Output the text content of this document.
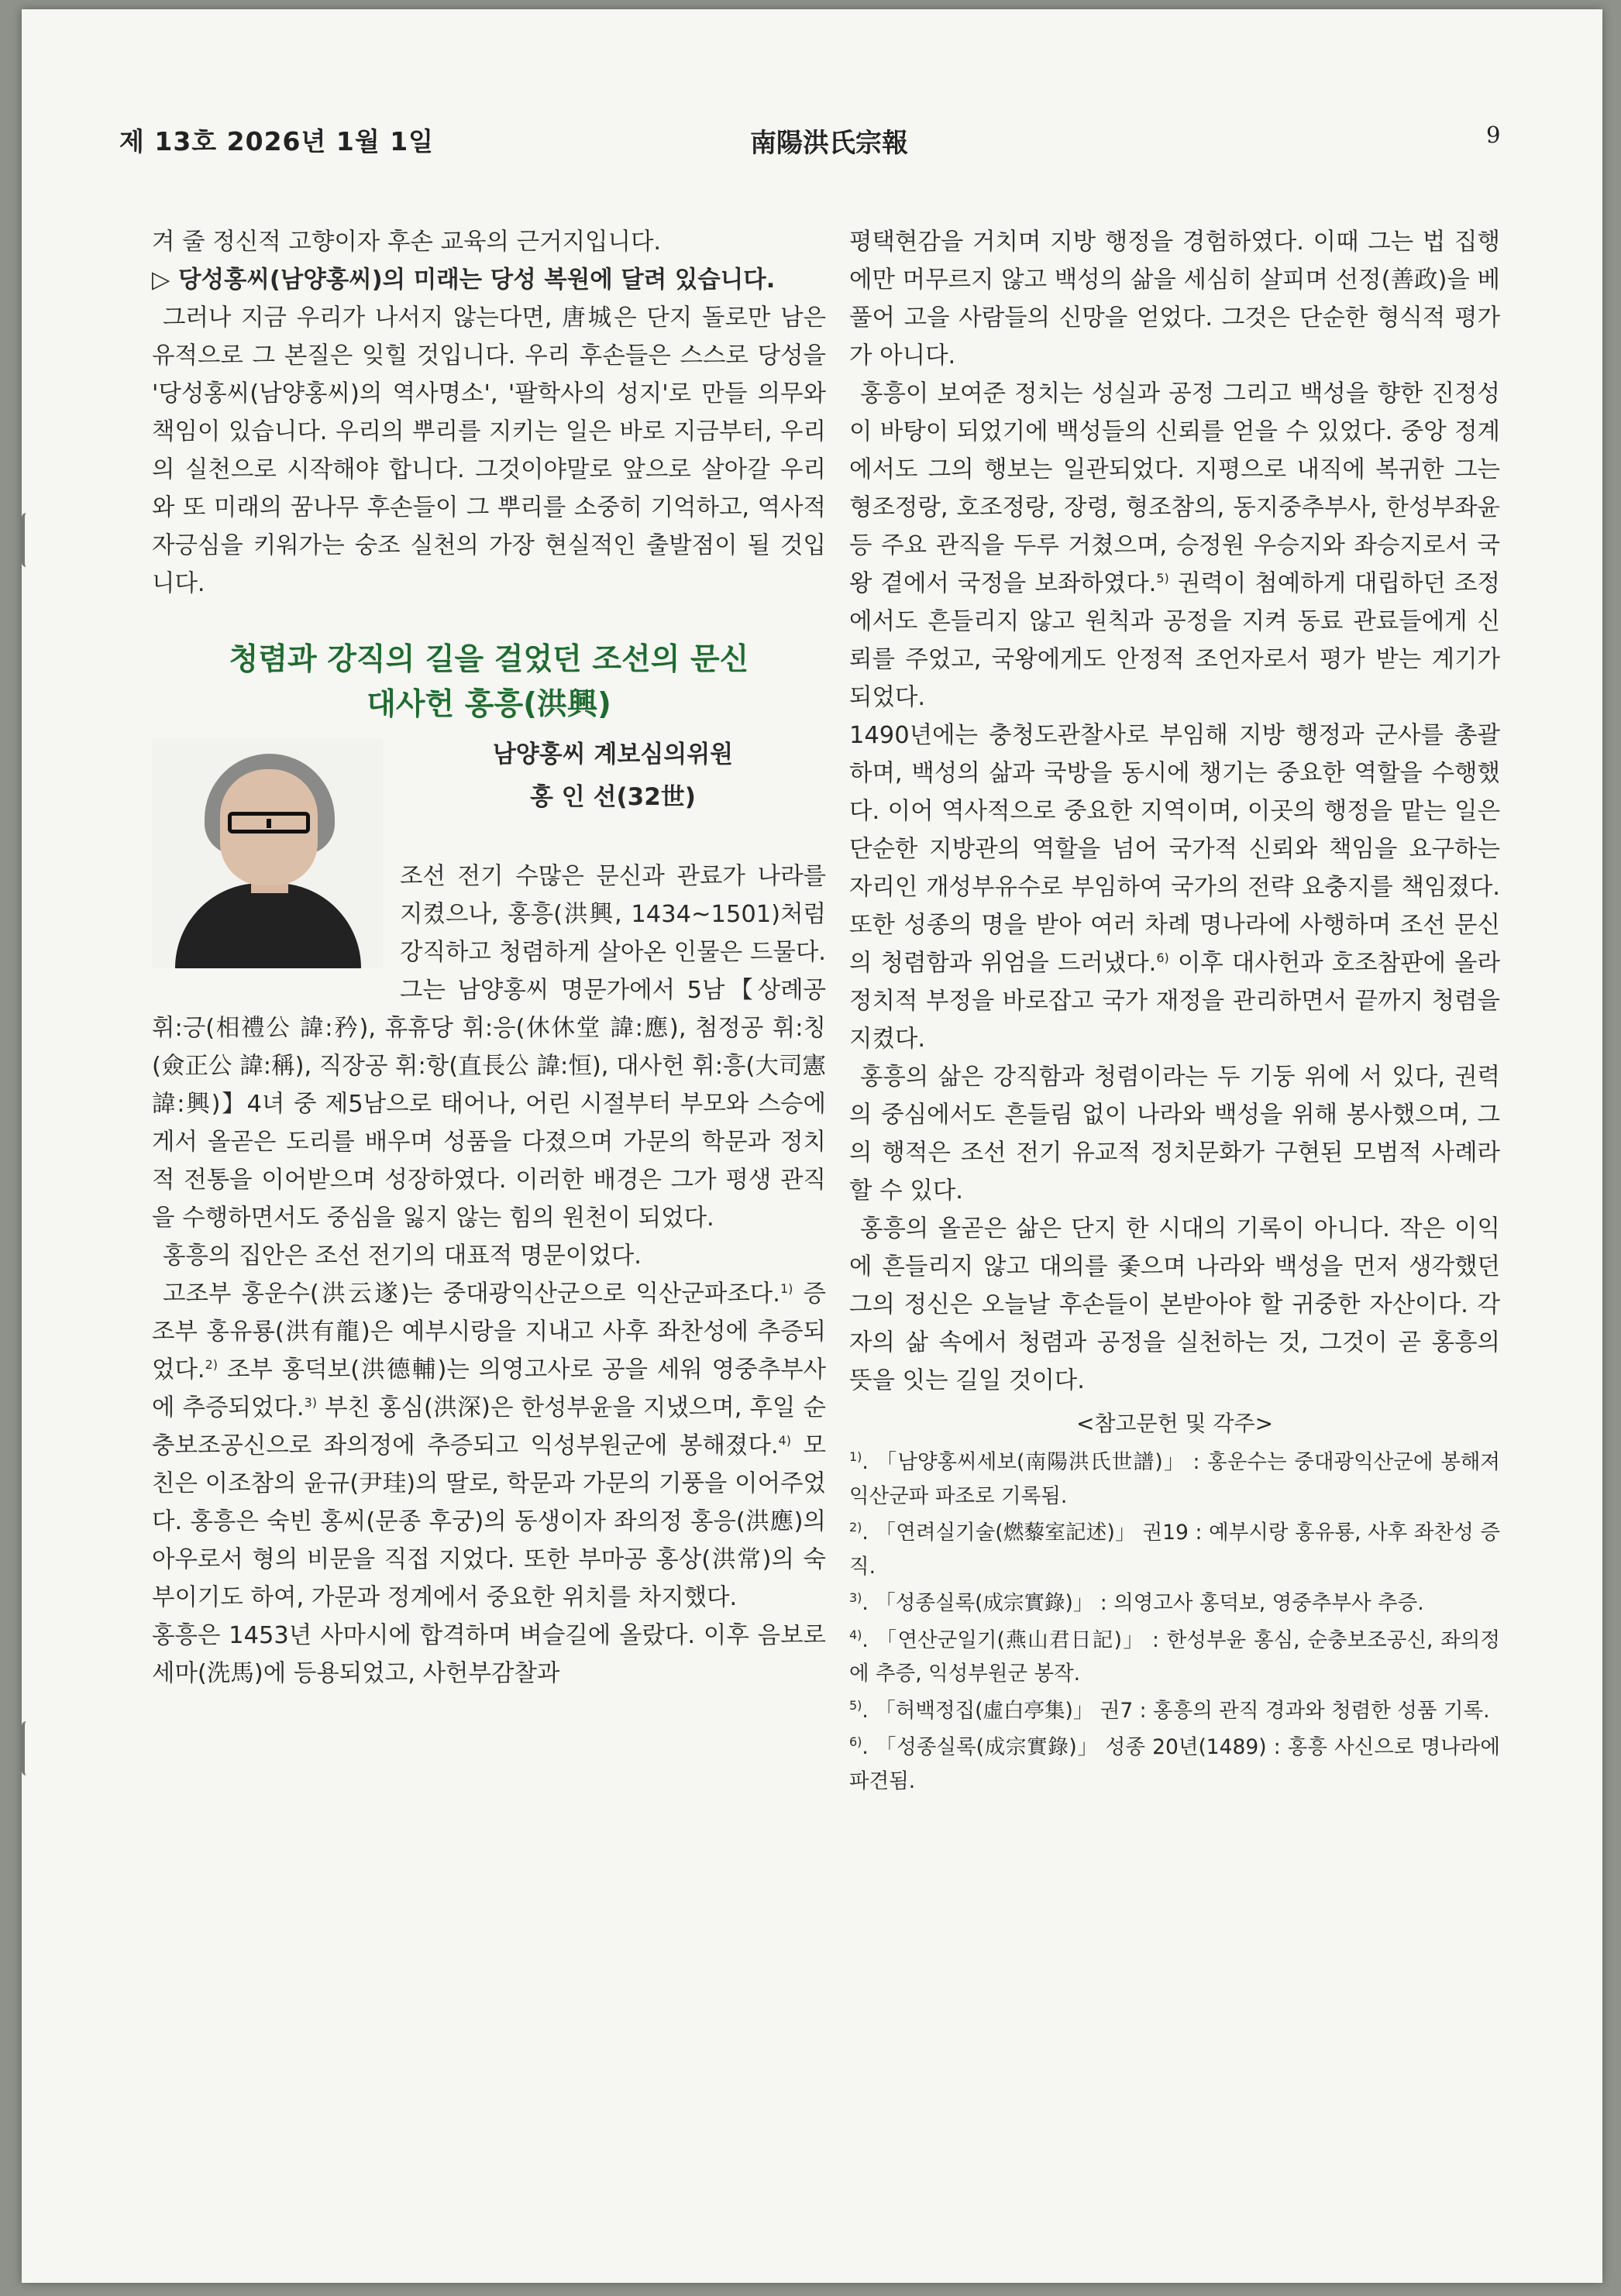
제 13호 2026년 1월 1일	南陽洪氏宗報	9

겨 줄 정신적 고향이자 후손 교육의 근거지입니다.

▷ 당성홍씨(남양홍씨)의 미래는 당성 복원에 달려 있습니다.

그러나 지금 우리가 나서지 않는다면, 唐城은 단지 돌로만 남은 유적으로 그 본질은 잊힐 것입니다. 우리 후손들은 스스로 당성을 '당성홍씨(남양홍씨)의 역사명소', '팔학사의 성지'로 만들 의무와 책임이 있습니다. 우리의 뿌리를 지키는 일은 바로 지금부터, 우리의 실천으로 시작해야 합니다. 그것이야말로 앞으로 살아갈 우리와 또 미래의 꿈나무 후손들이 그 뿌리를 소중히 기억하고, 역사적 자긍심을 키워가는 숭조 실천의 가장 현실적인 출발점이 될 것입니다.

청렴과 강직의 길을 걸었던 조선의 문신
대사헌 홍흥(洪興)
남양홍씨 계보심의위원
홍 인 선(32世)

조선 전기 수많은 문신과 관료가 나라를 지켰으나, 홍흥(洪興, 1434~1501)처럼 강직하고 청렴하게 살아온 인물은 드물다. 그는 남양홍씨 명문가에서 5남【상례공 휘:긍(相禮公 諱:矜), 휴휴당 휘:응(休休堂 諱:應), 첨정공 휘:칭(僉正公 諱:稱), 직장공 휘:항(直長公 諱:恒), 대사헌 휘:흥(大司憲 諱:興)】4녀 중 제5남으로 태어나, 어린 시절부터 부모와 스승에게서 올곧은 도리를 배우며 성품을 다졌으며 가문의 학문과 정치적 전통을 이어받으며 성장하였다. 이러한 배경은 그가 평생 관직을 수행하면서도 중심을 잃지 않는 힘의 원천이 되었다.

홍흥의 집안은 조선 전기의 대표적 명문이었다.

고조부 홍운수(洪云遂)는 중대광익산군으로 익산군파조다.$^{1)}$ 증조부 홍유룡(洪有龍)은 예부시랑을 지내고 사후 좌찬성에 추증되었다.$^{2)}$ 조부 홍덕보(洪德輔)는 의영고사로 공을 세워 영중추부사에 추증되었다.$^{3)}$ 부친 홍심(洪深)은 한성부윤을 지냈으며, 후일 순충보조공신으로 좌의정에 추증되고 익성부원군에 봉해졌다.$^{4)}$ 모친은 이조참의 윤규(尹珪)의 딸로, 학문과 가문의 기풍을 이어주었다. 홍흥은 숙빈 홍씨(문종 후궁)의 동생이자 좌의정 홍응(洪應)의 아우로서 형의 비문을 직접 지었다. 또한 부마공 홍상(洪常)의 숙부이기도 하여, 가문과 정계에서 중요한 위치를 차지했다.

홍흥은 1453년 사마시에 합격하며 벼슬길에 올랐다. 이후 음보로 세마(洗馬)에 등용되었고, 사헌부감찰과

평택현감을 거치며 지방 행정을 경험하였다. 이때 그는 법 집행에만 머무르지 않고 백성의 삶을 세심히 살피며 선정(善政)을 베풀어 고을 사람들의 신망을 얻었다. 그것은 단순한 형식적 평가가 아니다.

홍흥이 보여준 정치는 성실과 공정 그리고 백성을 향한 진정성이 바탕이 되었기에 백성들의 신뢰를 얻을 수 있었다. 중앙 정계에서도 그의 행보는 일관되었다. 지평으로 내직에 복귀한 그는 형조정랑, 호조정랑, 장령, 형조참의, 동지중추부사, 한성부좌윤 등 주요 관직을 두루 거쳤으며, 승정원 우승지와 좌승지로서 국왕 곁에서 국정을 보좌하였다.$^{5)}$ 권력이 첨예하게 대립하던 조정에서도 흔들리지 않고 원칙과 공정을 지켜 동료 관료들에게 신뢰를 주었고, 국왕에게도 안정적 조언자로서 평가 받는 계기가 되었다.

1490년에는 충청도관찰사로 부임해 지방 행정과 군사를 총괄하며, 백성의 삶과 국방을 동시에 챙기는 중요한 역할을 수행했다. 이어 역사적으로 중요한 지역이며, 이곳의 행정을 맡는 일은 단순한 지방관의 역할을 넘어 국가적 신뢰와 책임을 요구하는 자리인 개성부유수로 부임하여 국가의 전략 요충지를 책임졌다. 또한 성종의 명을 받아 여러 차례 명나라에 사행하며 조선 문신의 청렴함과 위엄을 드러냈다.$^{6)}$ 이후 대사헌과 호조참판에 올라 정치적 부정을 바로잡고 국가 재정을 관리하면서 끝까지 청렴을 지켰다.

홍흥의 삶은 강직함과 청렴이라는 두 기둥 위에 서 있다, 권력의 중심에서도 흔들림 없이 나라와 백성을 위해 봉사했으며, 그의 행적은 조선 전기 유교적 정치문화가 구현된 모범적 사례라 할 수 있다.

홍흥의 올곧은 삶은 단지 한 시대의 기록이 아니다. 작은 이익에 흔들리지 않고 대의를 좇으며 나라와 백성을 먼저 생각했던 그의 정신은 오늘날 후손들이 본받아야 할 귀중한 자산이다. 각자의 삶 속에서 청렴과 공정을 실천하는 것, 그것이 곧 홍흥의 뜻을 잇는 길일 것이다.

<참고문헌 및 각주>

$^{1)}$. 「남양홍씨세보(南陽洪氏世譜)」 : 홍운수는 중대광익산군에 봉해져 익산군파 파조로 기록됨.

$^{2)}$. 「연려실기술(燃藜室記述)」 권19 : 예부시랑 홍유룡, 사후 좌찬성 증직.

$^{3)}$. 「성종실록(成宗實錄)」 : 의영고사 홍덕보, 영중추부사 추증.

$^{4)}$. 「연산군일기(燕山君日記)」 : 한성부윤 홍심, 순충보조공신, 좌의정에 추증, 익성부원군 봉작.

$^{5)}$. 「허백정집(虛白亭集)」 권7 : 홍흥의 관직 경과와 청렴한 성품 기록.

$^{6)}$. 「성종실록(成宗實錄)」 성종 20년(1489) : 홍흥 사신으로 명나라에 파견됨.
